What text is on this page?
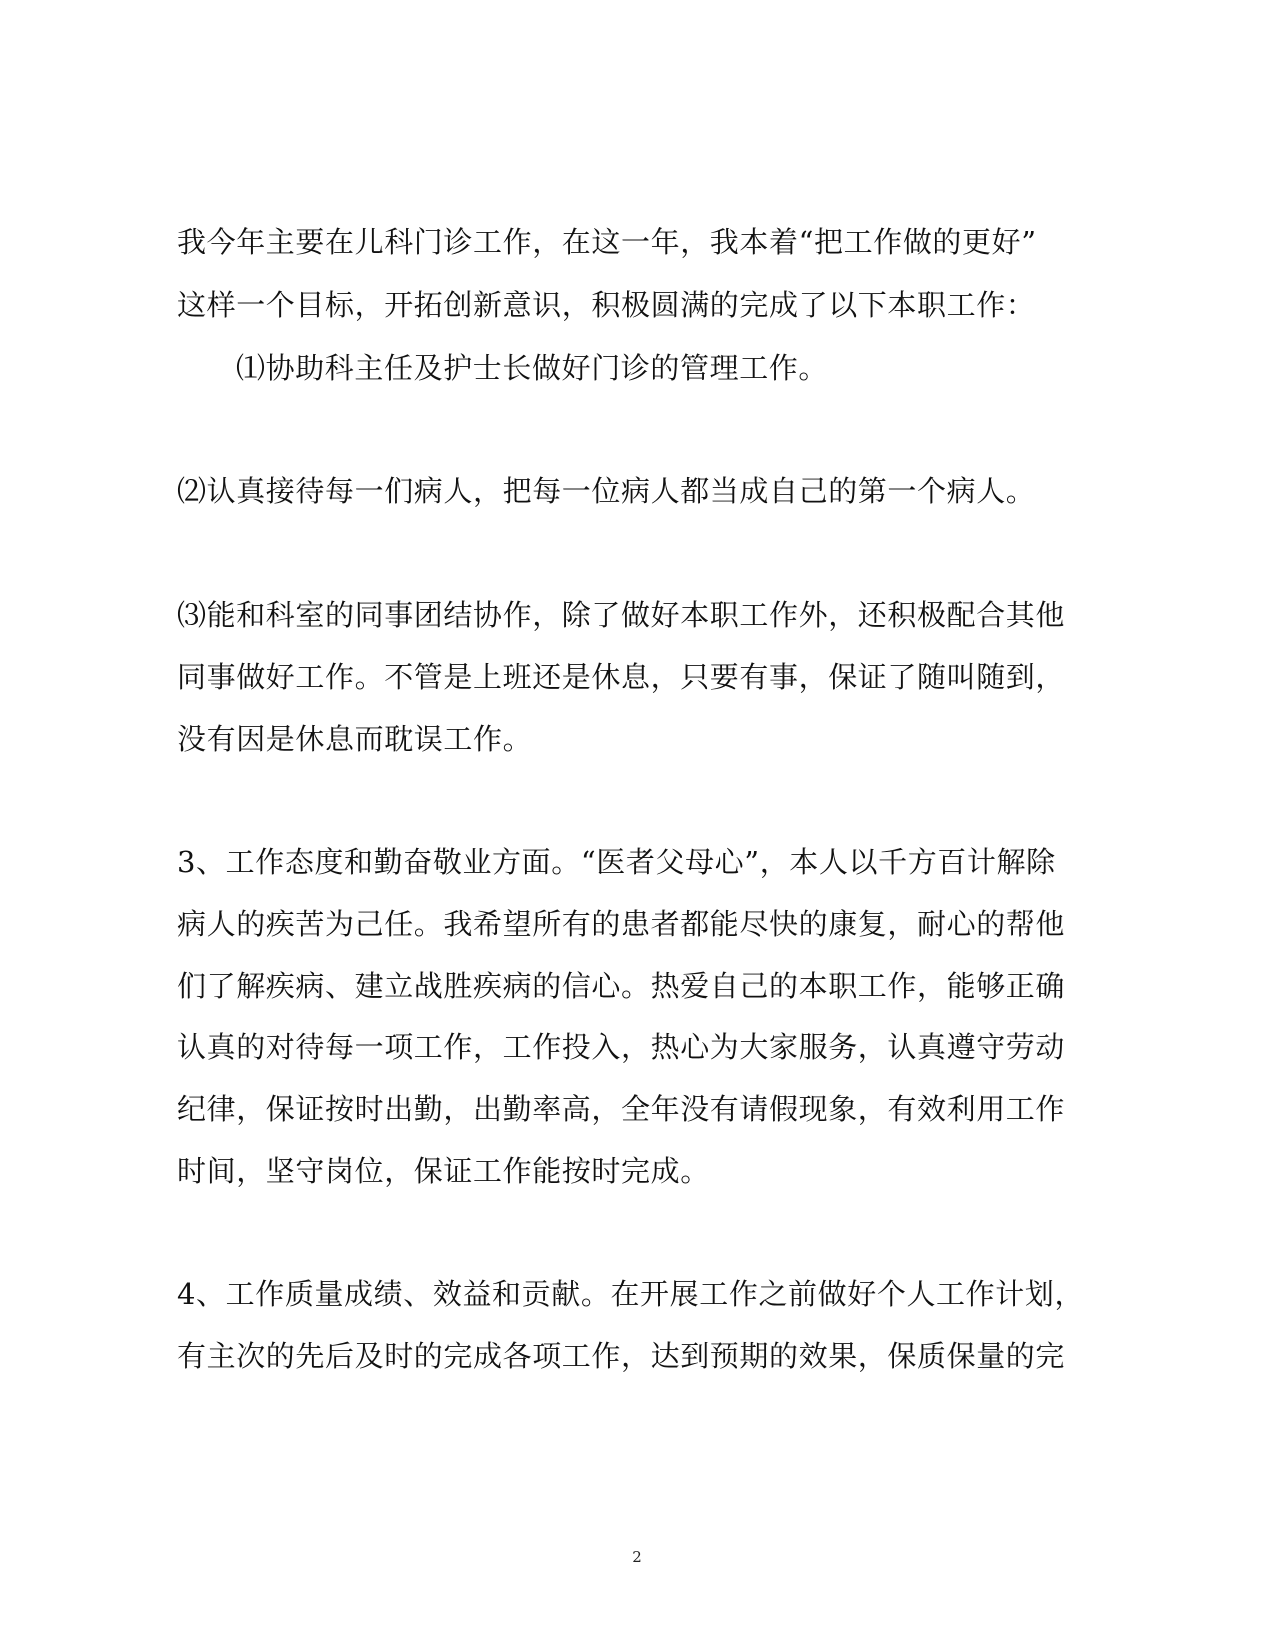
我今年主要在儿科门诊工作，在这一年，我本着“把工作做的更好”
这样一个目标，开拓创新意识，积极圆满的完成了以下本职工作：
⑴协助科主任及护士长做好门诊的管理工作。
⑵认真接待每一们病人，把每一位病人都当成自己的第一个病人。
⑶能和科室的同事团结协作，除了做好本职工作外，还积极配合其他
同事做好工作。不管是上班还是休息，只要有事，保证了随叫随到，
没有因是休息而耽误工作。
3、工作态度和勤奋敬业方面。“医者父母心”，本人以千方百计解除
病人的疾苦为己任。我希望所有的患者都能尽快的康复，耐心的帮他
们了解疾病、建立战胜疾病的信心。热爱自己的本职工作，能够正确
认真的对待每一项工作，工作投入，热心为大家服务，认真遵守劳动
纪律，保证按时出勤，出勤率高，全年没有请假现象，有效利用工作
时间，坚守岗位，保证工作能按时完成。
4、工作质量成绩、效益和贡献。在开展工作之前做好个人工作计划，
有主次的先后及时的完成各项工作，达到预期的效果，保质保量的完
2
